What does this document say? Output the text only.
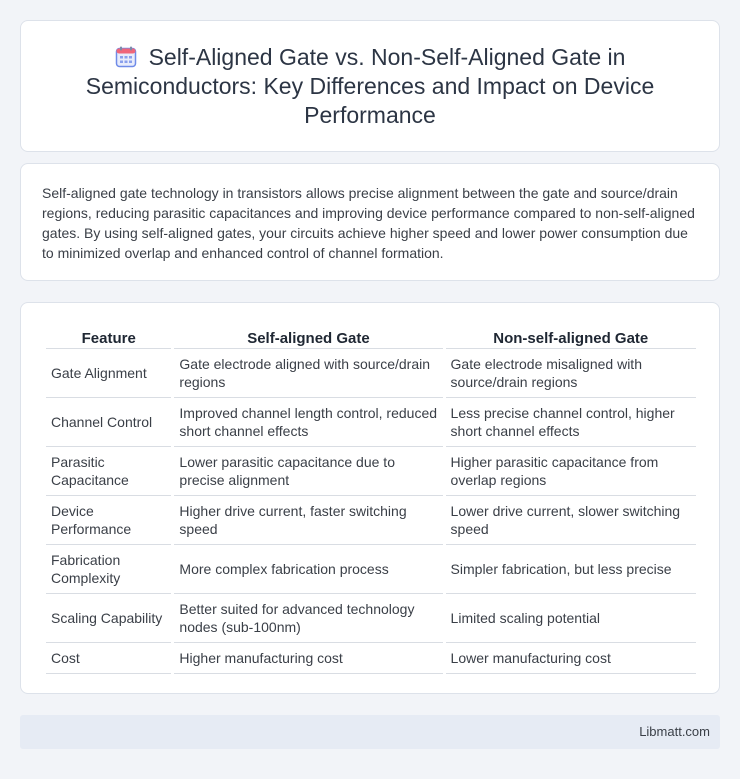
Self-Aligned Gate vs. Non-Self-Aligned Gate in Semiconductors: Key Differences and Impact on Device Performance

Self-aligned gate technology in transistors allows precise alignment between the gate and source/drain regions, reducing parasitic capacitances and improving device performance compared to non-self-aligned gates. By using self-aligned gates, your circuits achieve higher speed and lower power consumption due to minimized overlap and enhanced control of channel formation.

Feature	Self-aligned Gate	Non-self-aligned Gate
Gate Alignment	Gate electrode aligned with source/drain regions	Gate electrode misaligned with source/drain regions
Channel Control	Improved channel length control, reduced short channel effects	Less precise channel control, higher short channel effects
Parasitic Capacitance	Lower parasitic capacitance due to precise alignment	Higher parasitic capacitance from overlap regions
Device Performance	Higher drive current, faster switching speed	Lower drive current, slower switching speed
Fabrication Complexity	More complex fabrication process	Simpler fabrication, but less precise
Scaling Capability	Better suited for advanced technology nodes (sub-100nm)	Limited scaling potential
Cost	Higher manufacturing cost	Lower manufacturing cost
Libmatt.com
